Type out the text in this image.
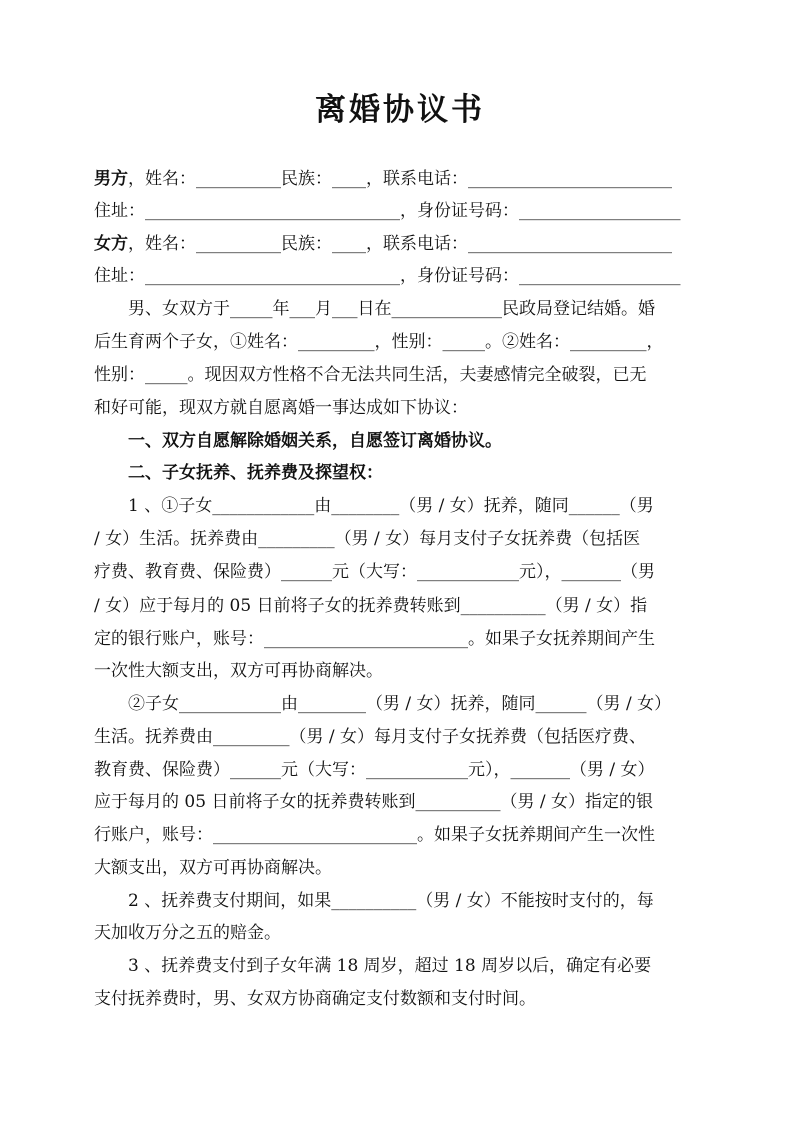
离婚协议书
男方，姓名：__________民族：____，联系电话：________________________
住址：______________________________，身份证号码：___________________
女方，姓名：__________民族：____，联系电话：________________________
住址：______________________________，身份证号码：___________________
　　男、女双方于_____年___月___日在_____________民政局登记结婚。婚
后生育两个子女，①姓名：_________，性别：_____。②姓名：_________，
性别：_____。现因双方性格不合无法共同生活，夫妻感情完全破裂，已无
和好可能，现双方就自愿离婚一事达成如下协议：
　　一、双方自愿解除婚姻关系，自愿签订离婚协议。
　　二、子女抚养、抚养费及探望权：
　　1 、①子女____________由________（男 / 女）抚养，随同______（男
/ 女）生活。抚养费由_________（男 / 女）每月支付子女抚养费（包括医
疗费、教育费、保险费）______元（大写：____________元），_______（男
/ 女）应于每月的 05 日前将子女的抚养费转账到__________（男 / 女）指
定的银行账户，账号：________________________。如果子女抚养期间产生
一次性大额支出，双方可再协商解决。
　　②子女____________由________（男 / 女）抚养，随同______（男 / 女）
生活。抚养费由_________（男 / 女）每月支付子女抚养费（包括医疗费、
教育费、保险费）______元（大写：____________元），_______（男 / 女）
应于每月的 05 日前将子女的抚养费转账到__________（男 / 女）指定的银
行账户，账号：________________________。如果子女抚养期间产生一次性
大额支出，双方可再协商解决。
　　2 、抚养费支付期间，如果__________（男 / 女）不能按时支付的，每
天加收万分之五的赔金。
　　3 、抚养费支付到子女年满 18 周岁，超过 18 周岁以后，确定有必要
支付抚养费时，男、女双方协商确定支付数额和支付时间。
